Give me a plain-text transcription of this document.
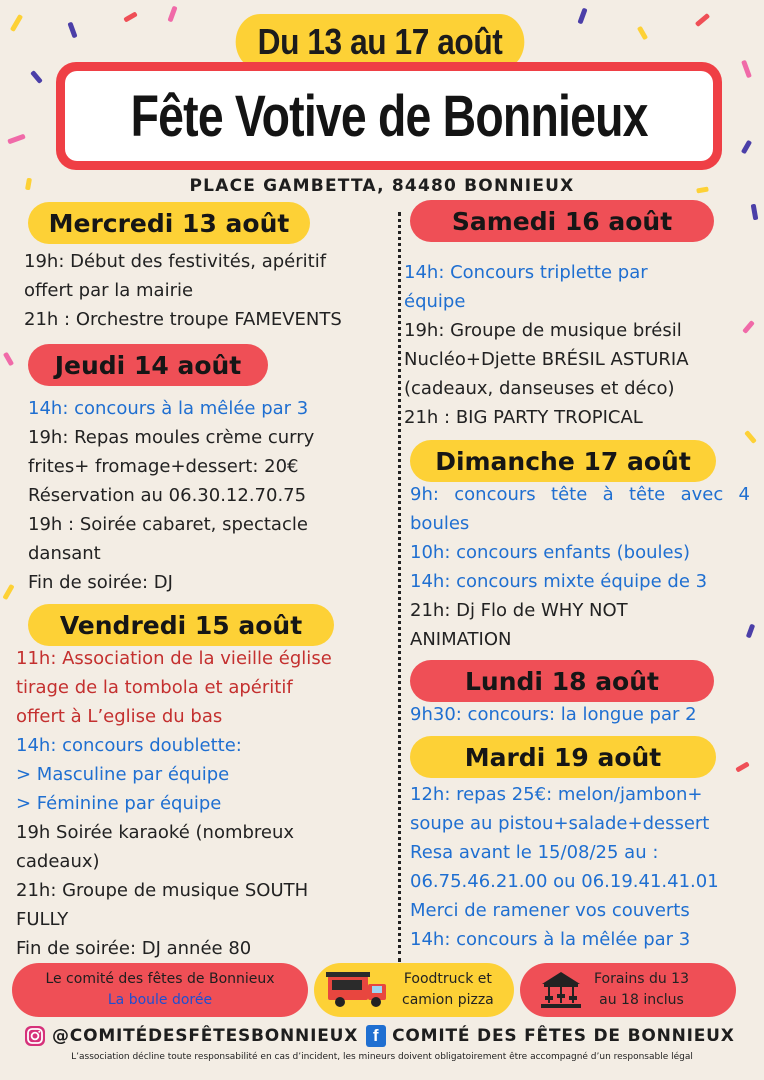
Du 13 au 17 août
Fête Votive de Bonnieux
PLACE GAMBETTA, 84480 BONNIEUX
Mercredi 13 août
19h: Début des festivités, apéritif
offert par la mairie
21h : Orchestre troupe FAMEVENTS
Jeudi 14 août
14h: concours à la mêlée par 3
19h: Repas moules crème curry
frites+ fromage+dessert: 20€
Réservation au 06.30.12.70.75
19h : Soirée cabaret, spectacle
dansant
Fin de soirée: DJ
Vendredi 15 août
11h: Association de la vieille église
tirage de la tombola et apéritif
offert à L’eglise du bas
14h: concours doublette:
> Masculine par équipe
> Féminine par équipe
19h Soirée karaoké (nombreux
cadeaux)
21h: Groupe de musique SOUTH
FULLY
Fin de soirée: DJ année 80
Samedi 16 août
14h: Concours triplette par
équipe
19h: Groupe de musique brésil
Nucléo+Djette BRÉSIL ASTURIA
(cadeaux, danseuses et déco)
21h : BIG PARTY TROPICAL
Dimanche 17 août
9h: concours tête à tête avec 4
boules
10h: concours enfants (boules)
14h: concours mixte équipe de 3
21h: Dj Flo de WHY NOT
ANIMATION
Lundi 18 août
9h30: concours: la longue par 2
Mardi 19 août
12h: repas 25€: melon/jambon+
soupe au pistou+salade+dessert
Resa avant le 15/08/25 au :
06.75.46.21.00 ou 06.19.41.41.01
Merci de ramener vos couverts
14h: concours à la mêlée par 3
Le comité des fêtes de Bonnieux
La boule dorée
Foodtruck et
camion pizza
Forains du 13
au 18 inclus
@COMITÉDESFÊTESBONNIEUX f COMITÉ DES FÊTES DE BONNIEUX
L’association décline toute responsabilité en cas d’incident, les mineurs doivent obligatoirement être accompagné d’un responsable légal
